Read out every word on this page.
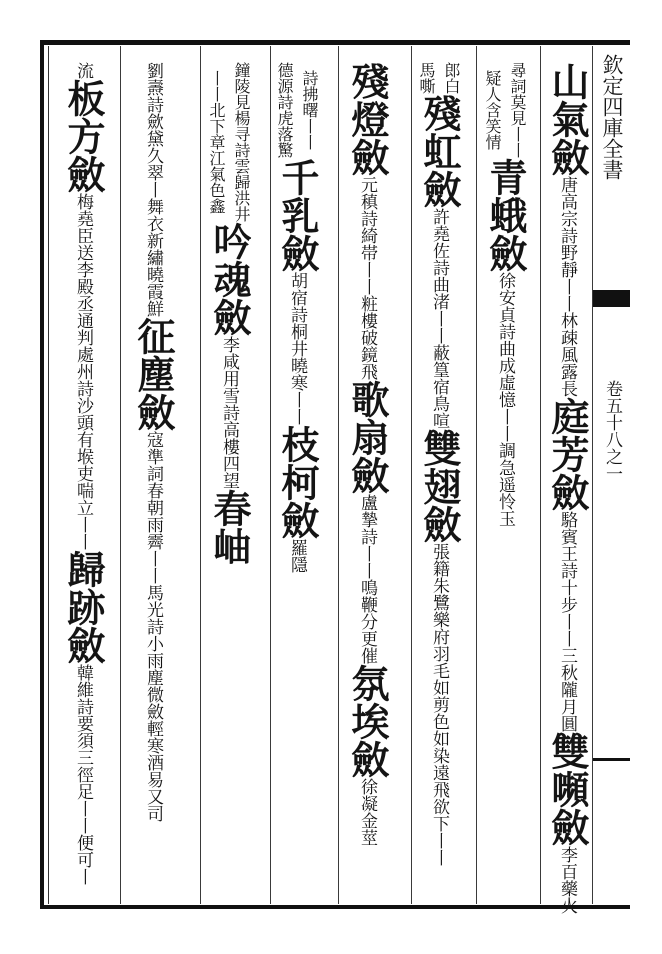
欽定四庫全書
卷五十八之一
山氣斂
唐高宗詩野靜丨丨林疎風露長
庭芳斂
駱賓王詩十步丨丨三秋隴月圓
雙嚬斂
李百藥火
尋詞莫見丨丨
疑人含笑情
青蛾斂
徐安貞詩曲成虛憶丨丨調急遥怜玉
郎白
馬嘶
殘虹斂
許堯佐詩曲渚丨丨蔽篁宿鳥喧
雙翅斂
張籍朱鷺樂府羽毛如剪色如染遠飛欲下丨丨
殘燈斂
元稹詩綺帯丨丨粧樓破鏡飛
歌扇斂
盧摯詩丨丨鳴鞭分更催
氛埃斂
徐凝金莖
詩拂曙丨丨
德源詩虎落驚
千乳斂
胡宿詩桐井曉寒丨丨
枝柯斂
羅隱
鐘陵見楊寻詩雲歸洪井
丨丨北下章江氣色鑫
吟魂斂
李咸用雪詩高樓四望
春岫
劉燾詩歛黛久翠
丨舞衣新繡曉霞鮮
征塵斂
寇準詞春朝雨霽丨丨馬光詩小雨塵微斂輕寒酒易
又司
流
板方斂
梅堯臣送李殿丞通判處州詩沙頭有堠吏喘立丨丨
歸跡斂
韓維詩要須三徑足丨丨便可丨
